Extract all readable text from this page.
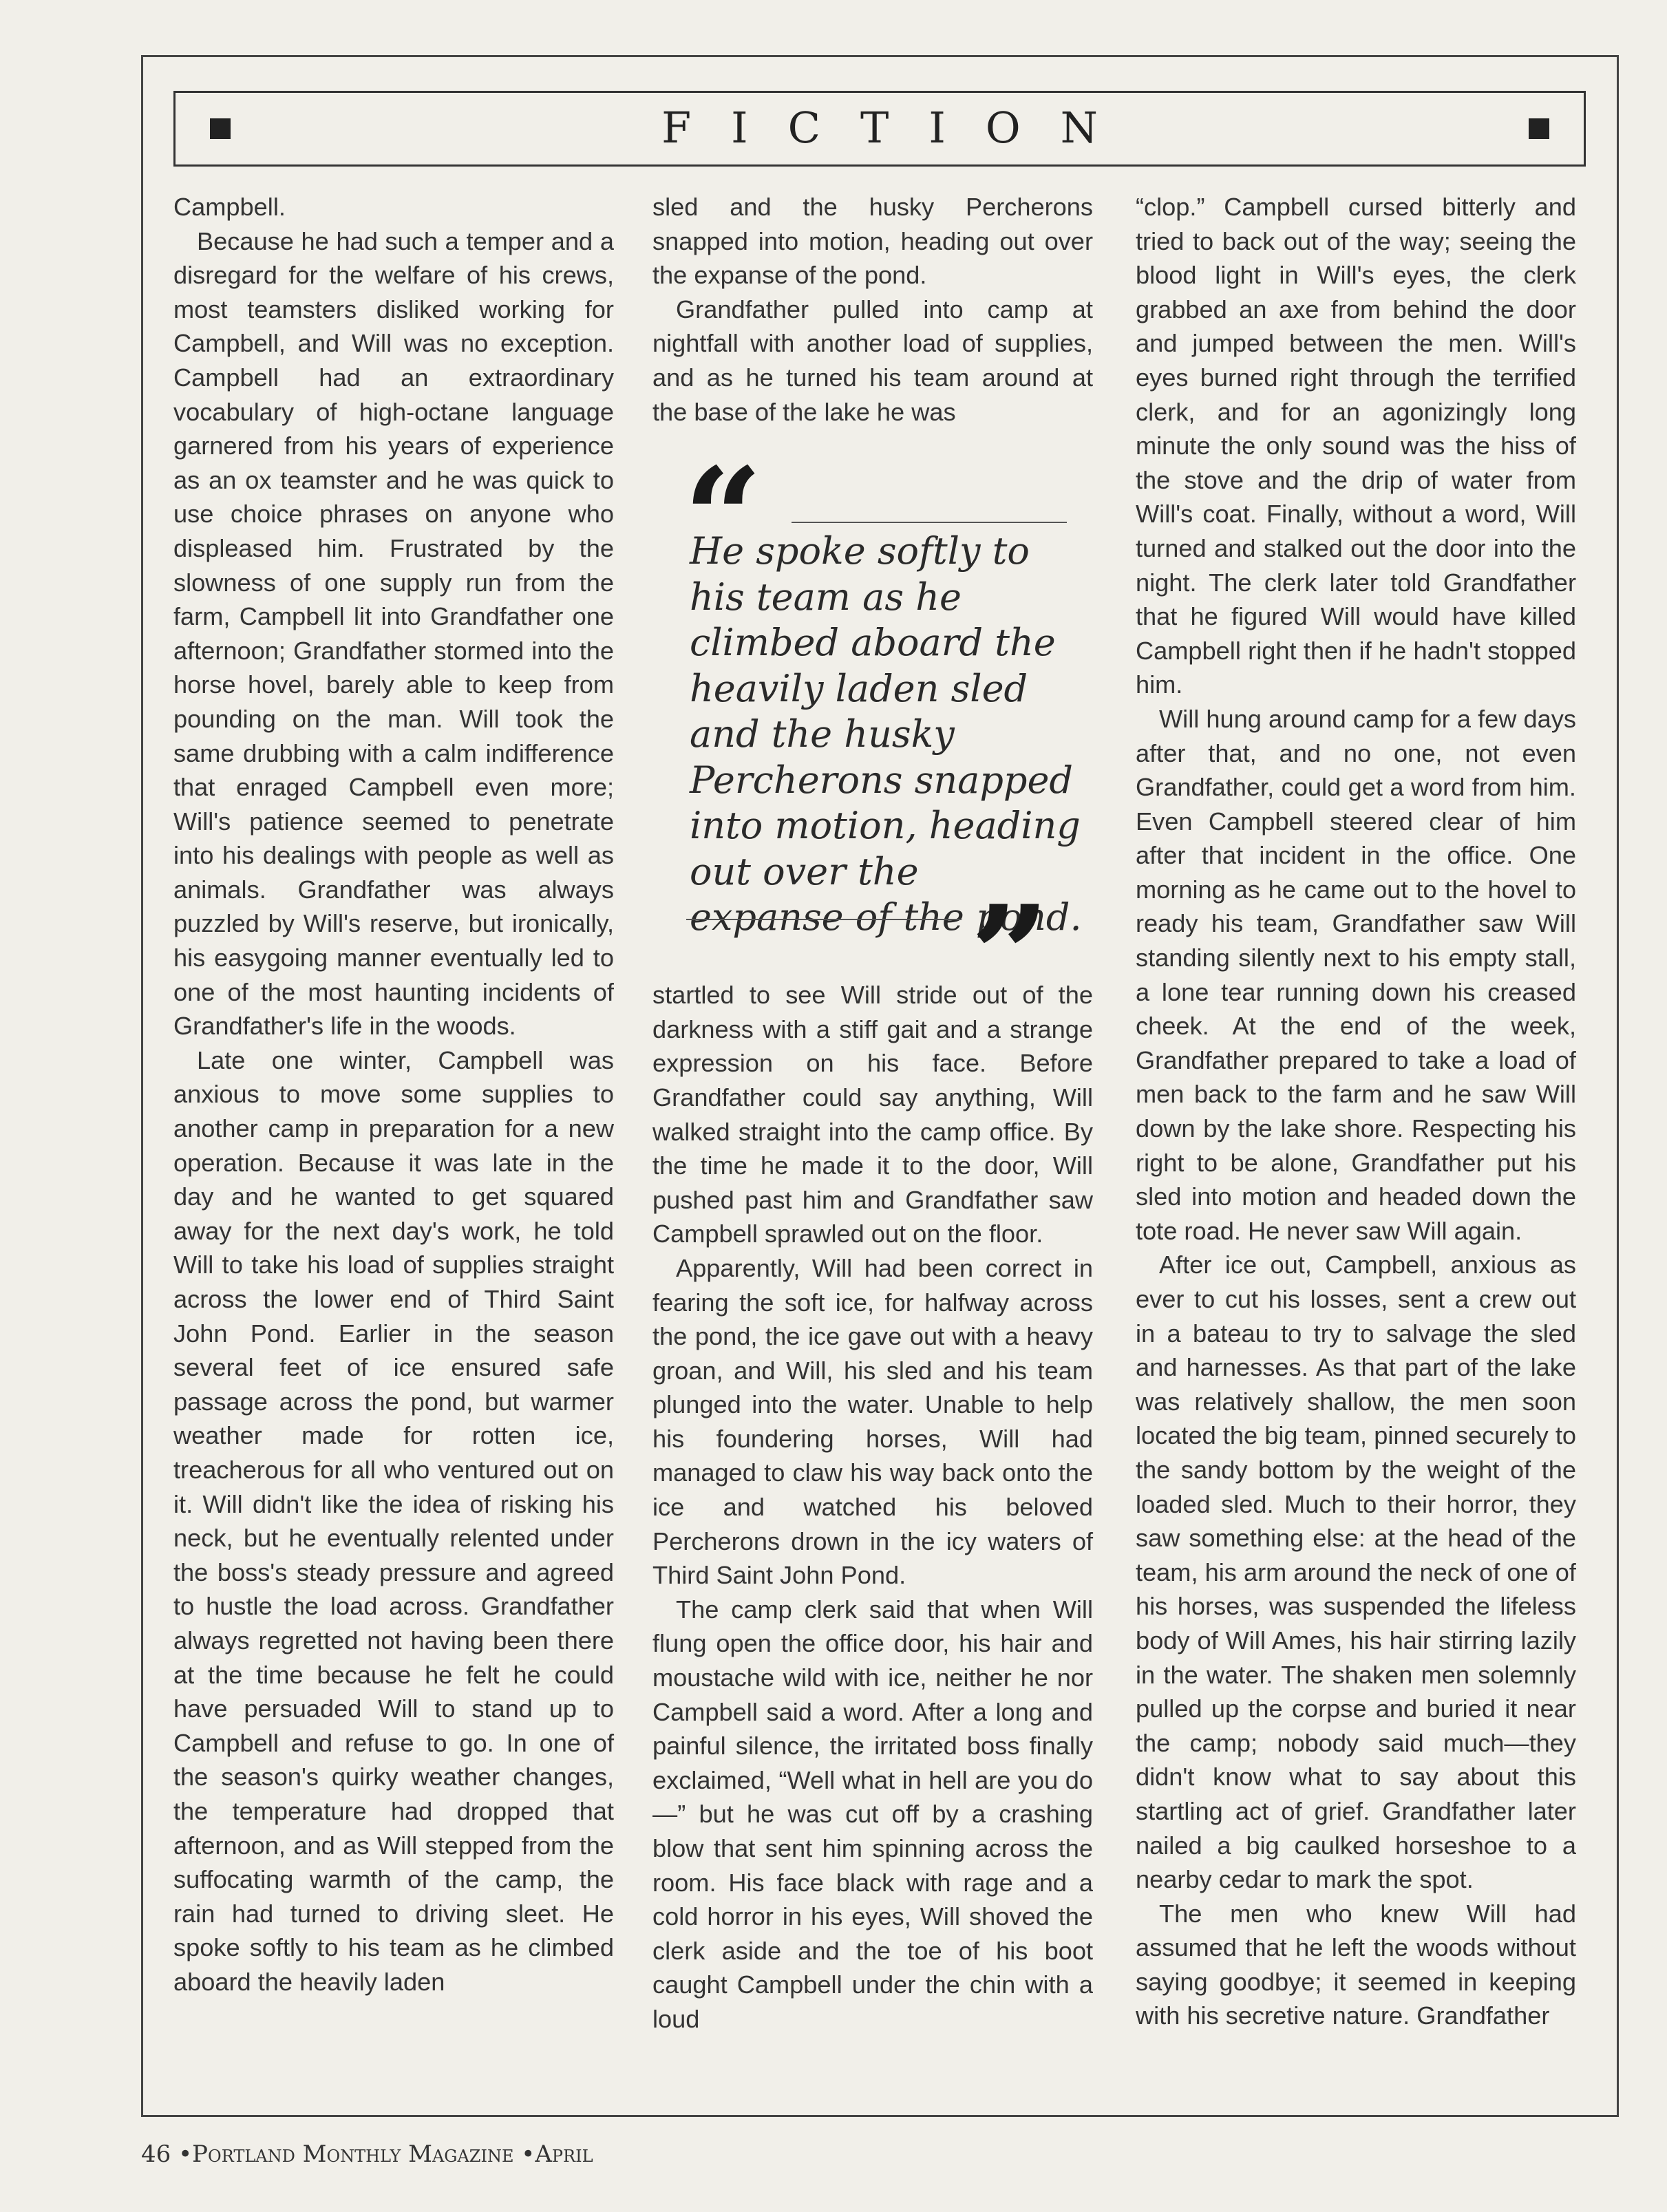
FICTION

Campbell.

Because he had such a temper and a disregard for the welfare of his crews, most teamsters disliked working for Campbell, and Will was no exception. Campbell had an extraordinary vocabulary of high-octane language garnered from his years of experience as an ox teamster and he was quick to use choice phrases on anyone who displeased him. Frustrated by the slowness of one supply run from the farm, Campbell lit into Grandfather one afternoon; Grandfather stormed into the horse hovel, barely able to keep from pounding on the man. Will took the same drubbing with a calm indifference that enraged Campbell even more; Will's patience seemed to penetrate into his dealings with people as well as animals. Grandfather was always puzzled by Will's reserve, but ironically, his easygoing manner eventually led to one of the most haunting incidents of Grandfather's life in the woods.

Late one winter, Campbell was anxious to move some supplies to another camp in preparation for a new operation. Because it was late in the day and he wanted to get squared away for the next day's work, he told Will to take his load of supplies straight across the lower end of Third Saint John Pond. Earlier in the season several feet of ice ensured safe passage across the pond, but warmer weather made for rotten ice, treacherous for all who ventured out on it. Will didn't like the idea of risking his neck, but he eventually relented under the boss's steady pressure and agreed to hustle the load across. Grandfather always regretted not having been there at the time because he felt he could have persuaded Will to stand up to Campbell and refuse to go. In one of the season's quirky weather changes, the temperature had dropped that afternoon, and as Will stepped from the suffocating warmth of the camp, the rain had turned to driving sleet. He spoke softly to his team as he climbed aboard the heavily laden

sled and the husky Percherons snapped into motion, heading out over the expanse of the pond.

Grandfather pulled into camp at nightfall with another load of supplies, and as he turned his team around at the base of the lake he was

startled to see Will stride out of the darkness with a stiff gait and a strange expression on his face. Before Grandfather could say anything, Will walked straight into the camp office. By the time he made it to the door, Will pushed past him and Grandfather saw Campbell sprawled out on the floor.

Apparently, Will had been correct in fearing the soft ice, for halfway across the pond, the ice gave out with a heavy groan, and Will, his sled and his team plunged into the water. Unable to help his foundering horses, Will had managed to claw his way back onto the ice and watched his beloved Percherons drown in the icy waters of Third Saint John Pond.

The camp clerk said that when Will flung open the office door, his hair and moustache wild with ice, neither he nor Campbell said a word. After a long and painful silence, the irritated boss finally exclaimed, “Well what in hell are you do—” but he was cut off by a crashing blow that sent him spinning across the room. His face black with rage and a cold horror in his eyes, Will shoved the clerk aside and the toe of his boot caught Campbell under the chin with a loud

“clop.” Campbell cursed bitterly and tried to back out of the way; seeing the blood light in Will's eyes, the clerk grabbed an axe from behind the door and jumped between the men. Will's eyes burned right through the terrified clerk, and for an agonizingly long minute the only sound was the hiss of the stove and the drip of water from Will's coat. Finally, without a word, Will turned and stalked out the door into the night. The clerk later told Grandfather that he figured Will would have killed Campbell right then if he hadn't stopped him.

Will hung around camp for a few days after that, and no one, not even Grandfather, could get a word from him. Even Campbell steered clear of him after that incident in the office. One morning as he came out to the hovel to ready his team, Grandfather saw Will standing silently next to his empty stall, a lone tear running down his creased cheek. At the end of the week, Grandfather prepared to take a load of men back to the farm and he saw Will down by the lake shore. Respecting his right to be alone, Grandfather put his sled into motion and headed down the tote road. He never saw Will again.

After ice out, Campbell, anxious as ever to cut his losses, sent a crew out in a bateau to try to salvage the sled and harnesses. As that part of the lake was relatively shallow, the men soon located the big team, pinned securely to the sandy bottom by the weight of the loaded sled. Much to their horror, they saw something else: at the head of the team, his arm around the neck of one of his horses, was suspended the lifeless body of Will Ames, his hair stirring lazily in the water. The shaken men solemnly pulled up the corpse and buried it near the camp; nobody said much—they didn't know what to say about this startling act of grief. Grandfather later nailed a big caulked horseshoe to a nearby cedar to mark the spot.

The men who knew Will had assumed that he left the woods without saying goodbye; it seemed in keeping with his secretive nature. Grandfather

“
He spoke softly to his team as he climbed aboard the heavily laden sled and the husky Percherons snapped into motion, heading out over the expanse of the pond.
”
46 •Portland Monthly Magazine •April
